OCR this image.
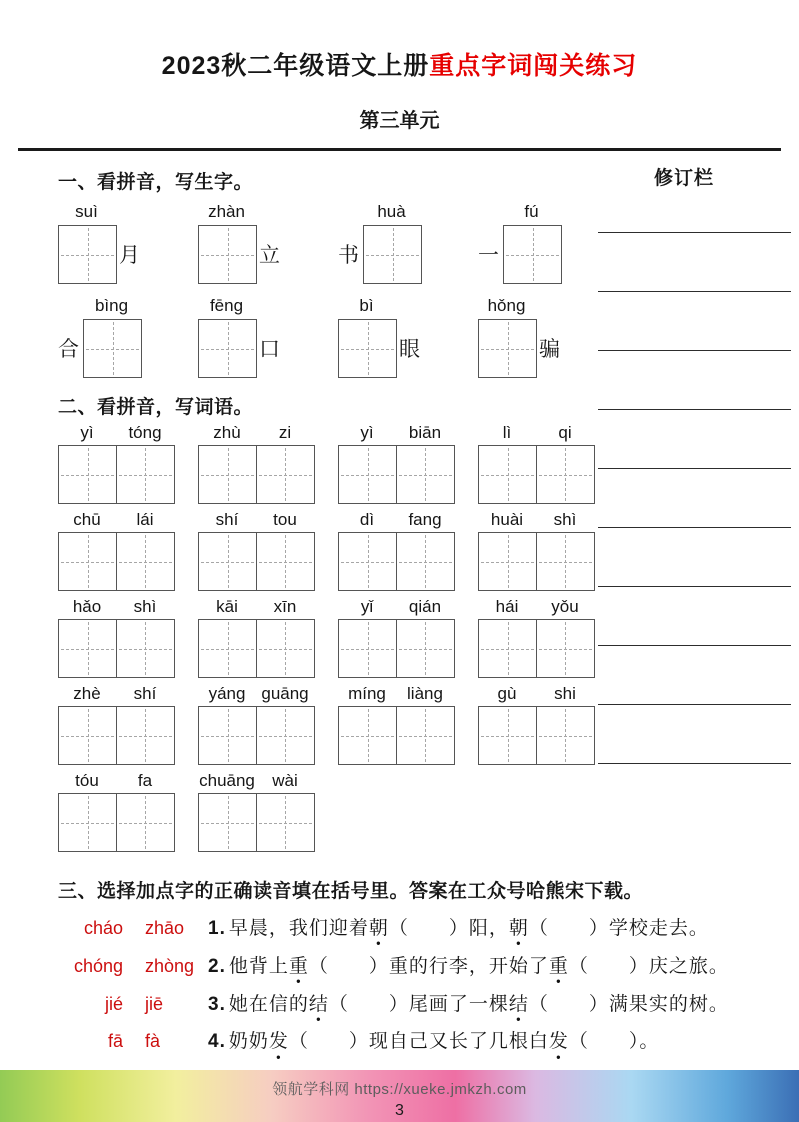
2023秋二年级语文上册重点字词闯关练习
第三单元
一、看拼音，写生字。
suì
月
zhàn
立
huà
书
fú
一
bìng
合
fēng
口
bì
眼
hǒng
骗
二、看拼音，写词语。
yì	tóng	zhù	zi	yì	biān	lì	qi
chū	lái	shí	tou	dì	fang	huài	shì
hǎo	shì	kāi	xīn	yǐ	qián	hái	yǒu
zhè	shí	yáng guāng	míng	liàng	gù	shi
tóu	fa	chuāng	wài
修订栏
三、选择加点字的正确读音填在括号里。答案在工众号哈熊宋下载。
cháo zhāo 1. 早晨，我们迎着朝（　　）阳，朝（　　）学校走去。
chóng zhòng 2. 他背上重（　　）重的行李，开始了重（　　）庆之旅。
jié jiē 3. 她在信的结（　　）尾画了一棵结（　　）满果实的树。
fā fà	4. 奶奶发（　　）现自己又长了几根白发（　　）。
领航学科网 https://xueke.jmkzh.com
3
